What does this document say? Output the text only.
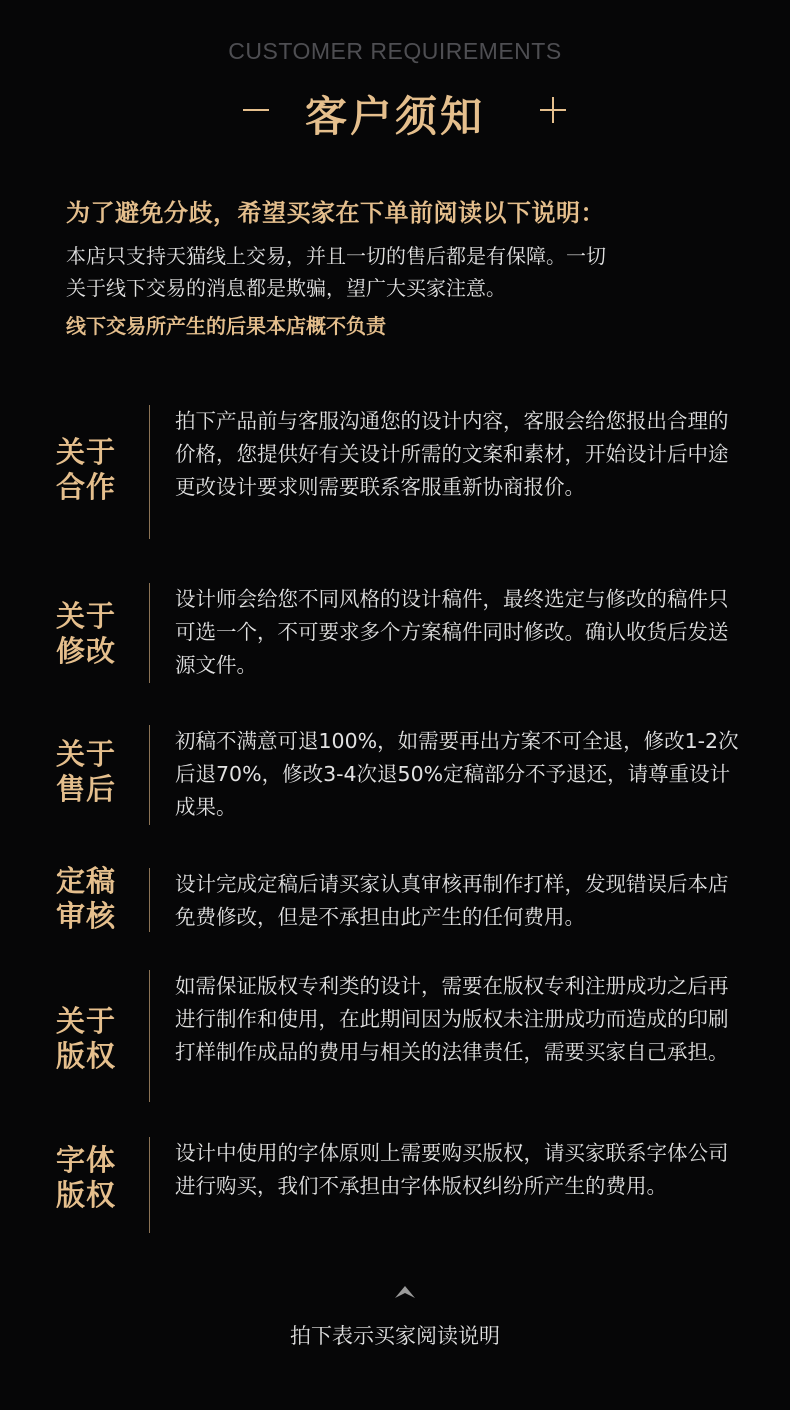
CUSTOMER REQUIREMENTS
客户须知
为了避免分歧，希望买家在下单前阅读以下说明：

本店只支持天猫线上交易，并且一切的售后都是有保障。一切

关于线下交易的消息都是欺骗，望广大买家注意。

线下交易所产生的后果本店概不负责
关于
合作

拍下产品前与客服沟通您的设计内容，客服会给您报出合理的价格，您提供好有关设计所需的文案和素材，开始设计后中途更改设计要求则需要联系客服重新协商报价。

关于
修改

设计师会给您不同风格的设计稿件，最终选定与修改的稿件只可选一个，不可要求多个方案稿件同时修改。确认收货后发送源文件。

关于
售后

初稿不满意可退100%，如需要再出方案不可全退，修改1-2次后退70%，修改3-4次退50%定稿部分不予退还，请尊重设计成果。

定稿
审核

设计完成定稿后请买家认真审核再制作打样，发现错误后本店免费修改，但是不承担由此产生的任何费用。

关于
版权

如需保证版权专利类的设计，需要在版权专利注册成功之后再进行制作和使用，在此期间因为版权未注册成功而造成的印刷打样制作成品的费用与相关的法律责任，需要买家自己承担。

字体
版权

设计中使用的字体原则上需要购买版权，请买家联系字体公司进行购买，我们不承担由字体版权纠纷所产生的费用。

拍下表示买家阅读说明
